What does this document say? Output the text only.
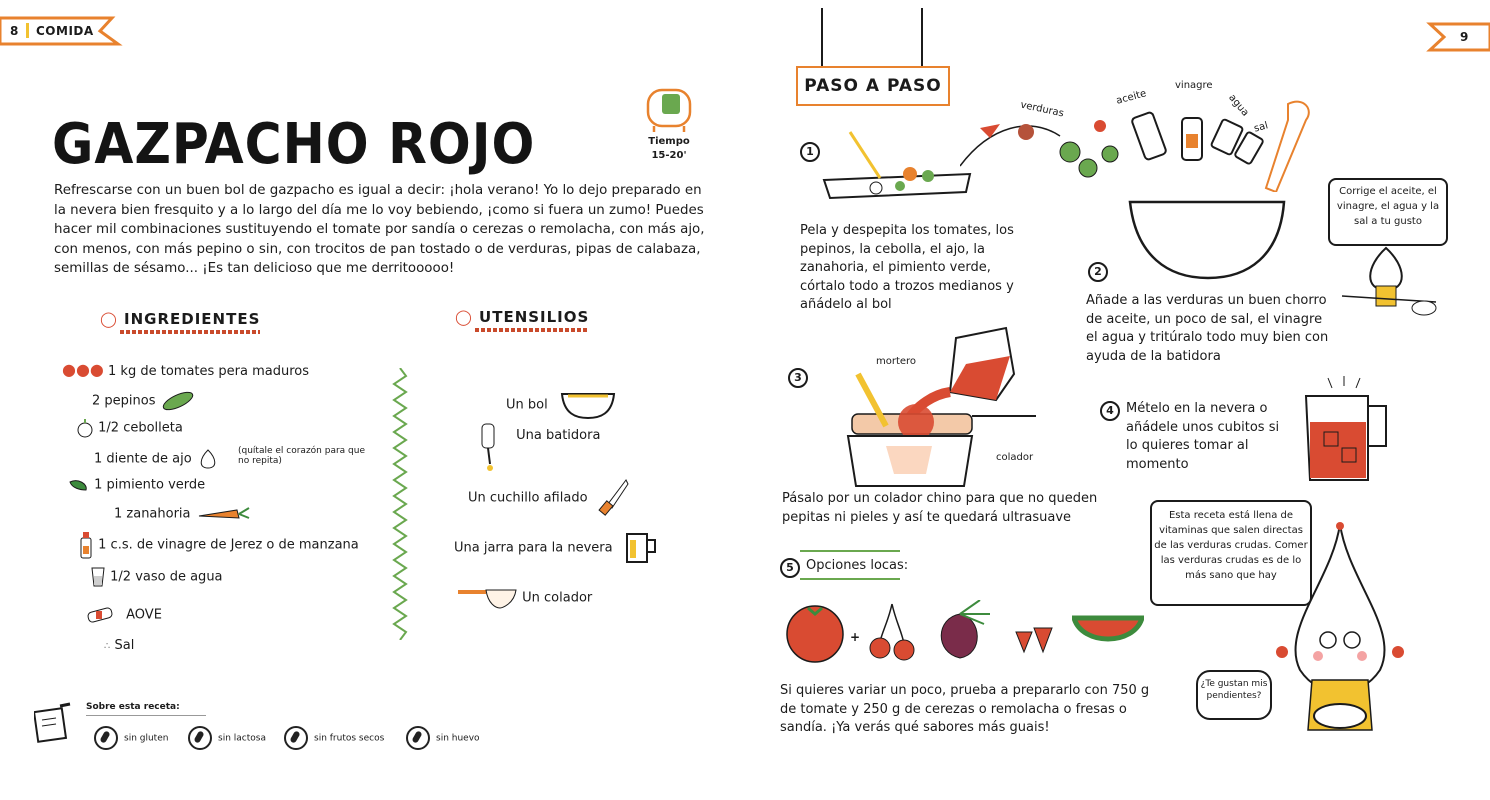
8 COMIDA
GAZPACHO ROJO	Tiempo
15-20'
Refrescarse con un buen bol de gazpacho es igual a decir: ¡hola verano! Yo lo dejo preparado en la nevera bien fresquito y a lo largo del día me lo voy bebiendo, ¡como si fuera un zumo! Puedes hacer mil combinaciones sustituyendo el tomate por sandía o cerezas o remolacha, con más ajo, con menos, con más pepino o sin, con trocitos de pan tostado o de verduras, pipas de calabaza, semillas de sésamo... ¡Es tan delicioso que me derritooooo!
◯ INGREDIENTES
●●● 1 kg de tomates pera maduros
2 pepinos
1/2 cebolleta
1 diente de ajo
(quítale el corazón para que no repita)
1 pimiento verde
1 zanahoria
1 c.s. de vinagre de Jerez o de manzana
1/2 vaso de agua
AOVE
∴ Sal
◯ UTENSILIOS
Un bol
Una batidora
Un cuchillo afilado
Una jarra para la nevera
Un colador
Sobre esta receta:
sin gluten	sin lactosa	sin frutos secos	sin huevo
9
PASO A PASO
1
verduras
aceite
vinagre
agua
sal
Pela y despepita los tomates, los pepinos, la cebolla, el ajo, la zanahoria, el pimiento verde, córtalo todo a trozos medianos y añádelo al bol
Corrige el aceite, el vinagre, el agua y la sal a tu gusto
2
Añade a las verduras un buen chorro de aceite, un poco de sal, el vinagre el agua y tritúralo todo muy bien con ayuda de la batidora
3
mortero
colador
Pásalo por un colador chino para que no queden pepitas ni pieles y así te quedará ultrasuave
4 Mételo en la nevera o añádele unos cubitos si lo quieres tomar al momento
5 Opciones locas:
+
Si quieres variar un poco, prueba a prepararlo con 750 g de tomate y 250 g de cerezas o remolacha o fresas o sandía. ¡Ya verás qué sabores más guais!
Esta receta está llena de vitaminas que salen directas de las verduras crudas. Comer las verduras crudas es de lo más sano que hay
¿Te gustan mis pendientes?
